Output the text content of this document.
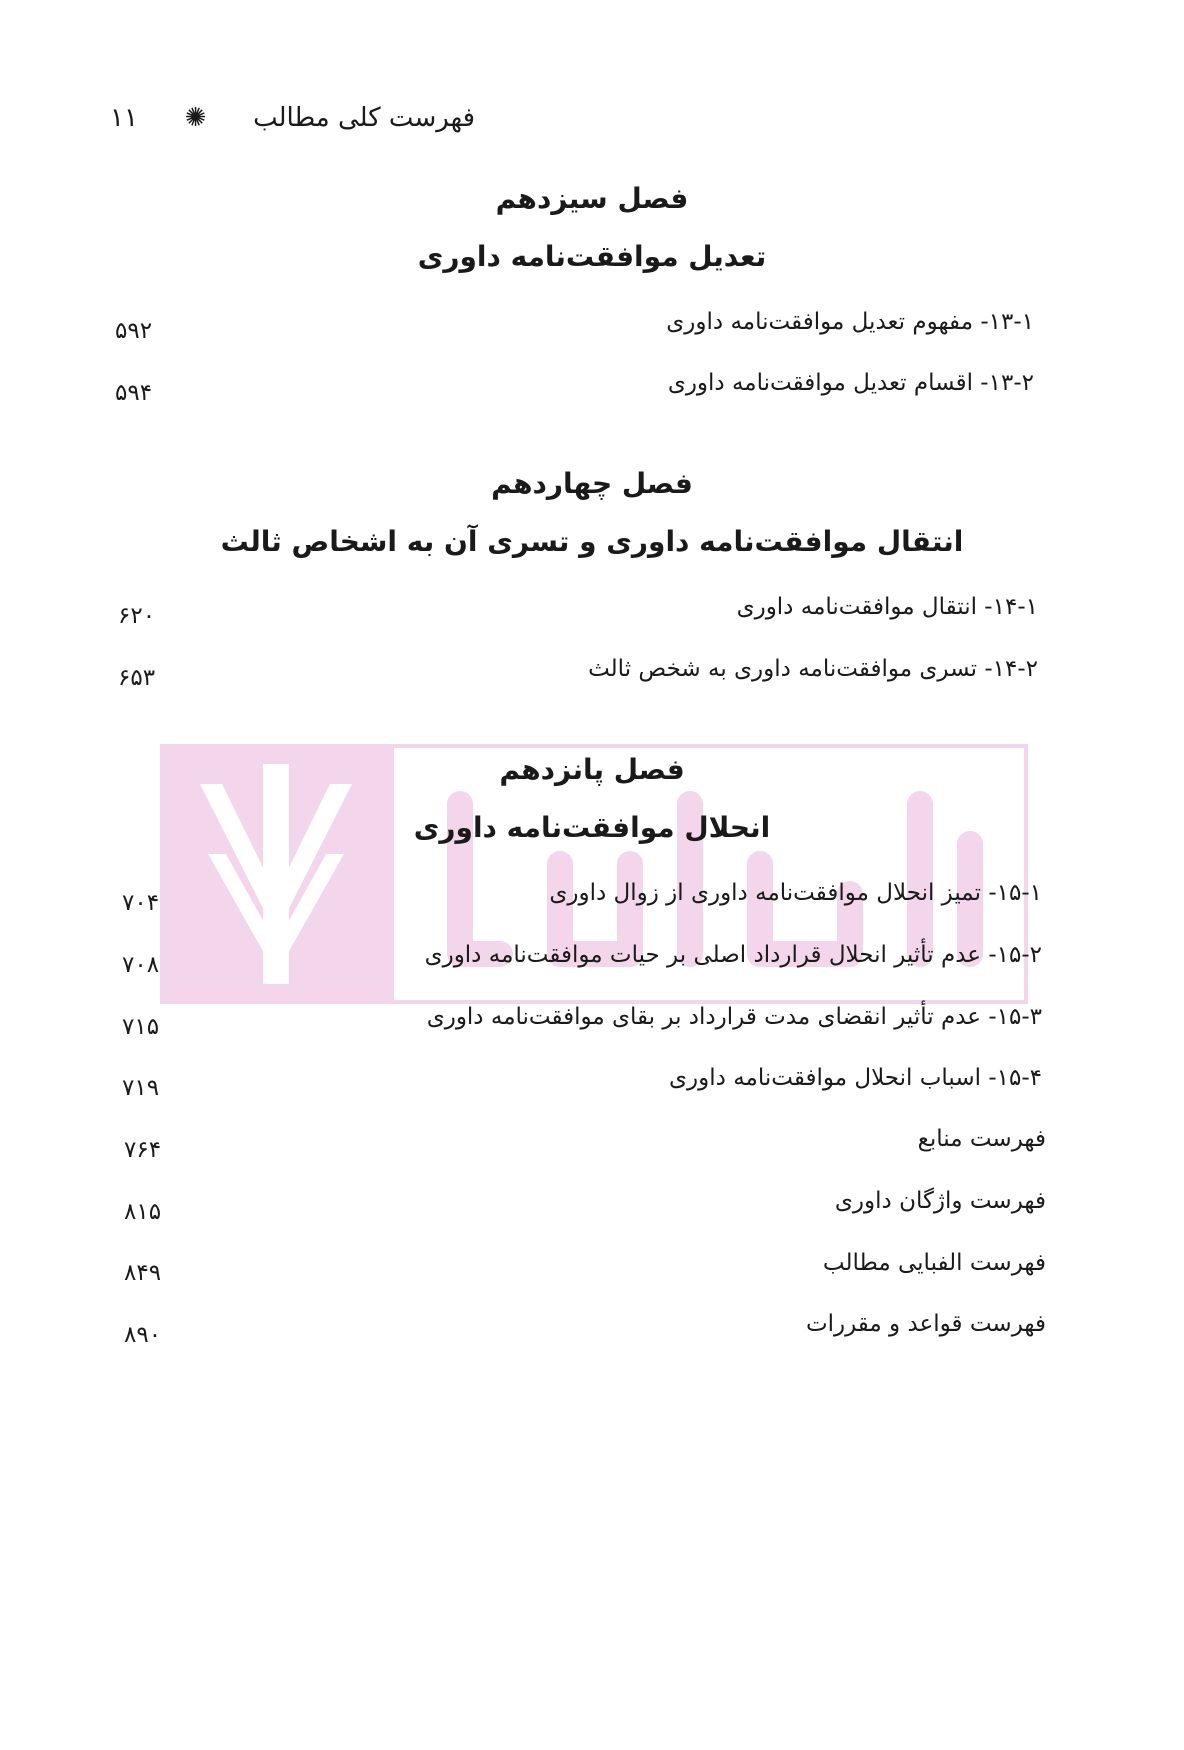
فهرست کلی مطالب
✺
۱۱
فصل سیزدهم
تعدیل موافقت‌نامه داوری
۱۳-۱- مفهوم تعدیل موافقت‌نامه داوری
۵۹۲
۱۳-۲- اقسام تعدیل موافقت‌نامه داوری
۵۹۴
فصل چهاردهم
انتقال موافقت‌نامه داوری و تسری آن به اشخاص ثالث
۱۴-۱- انتقال موافقت‌نامه داوری
۶۲۰
۱۴-۲- تسری موافقت‌نامه داوری به شخص ثالث
۶۵۳
فصل پانزدهم
انحلال موافقت‌نامه داوری
۱۵-۱- تمیز انحلال موافقت‌نامه داوری از زوال داوری
۷۰۴
۱۵-۲- عدم تأثیر انحلال قرارداد اصلی بر حیات موافقت‌نامه داوری
۷۰۸
۱۵-۳- عدم تأثیر انقضای مدت قرارداد بر بقای موافقت‌نامه داوری
۷۱۵
۱۵-۴- اسباب انحلال موافقت‌نامه داوری
۷۱۹
فهرست منابع
۷۶۴
فهرست واژگان داوری
۸۱۵
فهرست الفبایی مطالب
۸۴۹
فهرست قواعد و مقررات
۸۹۰
